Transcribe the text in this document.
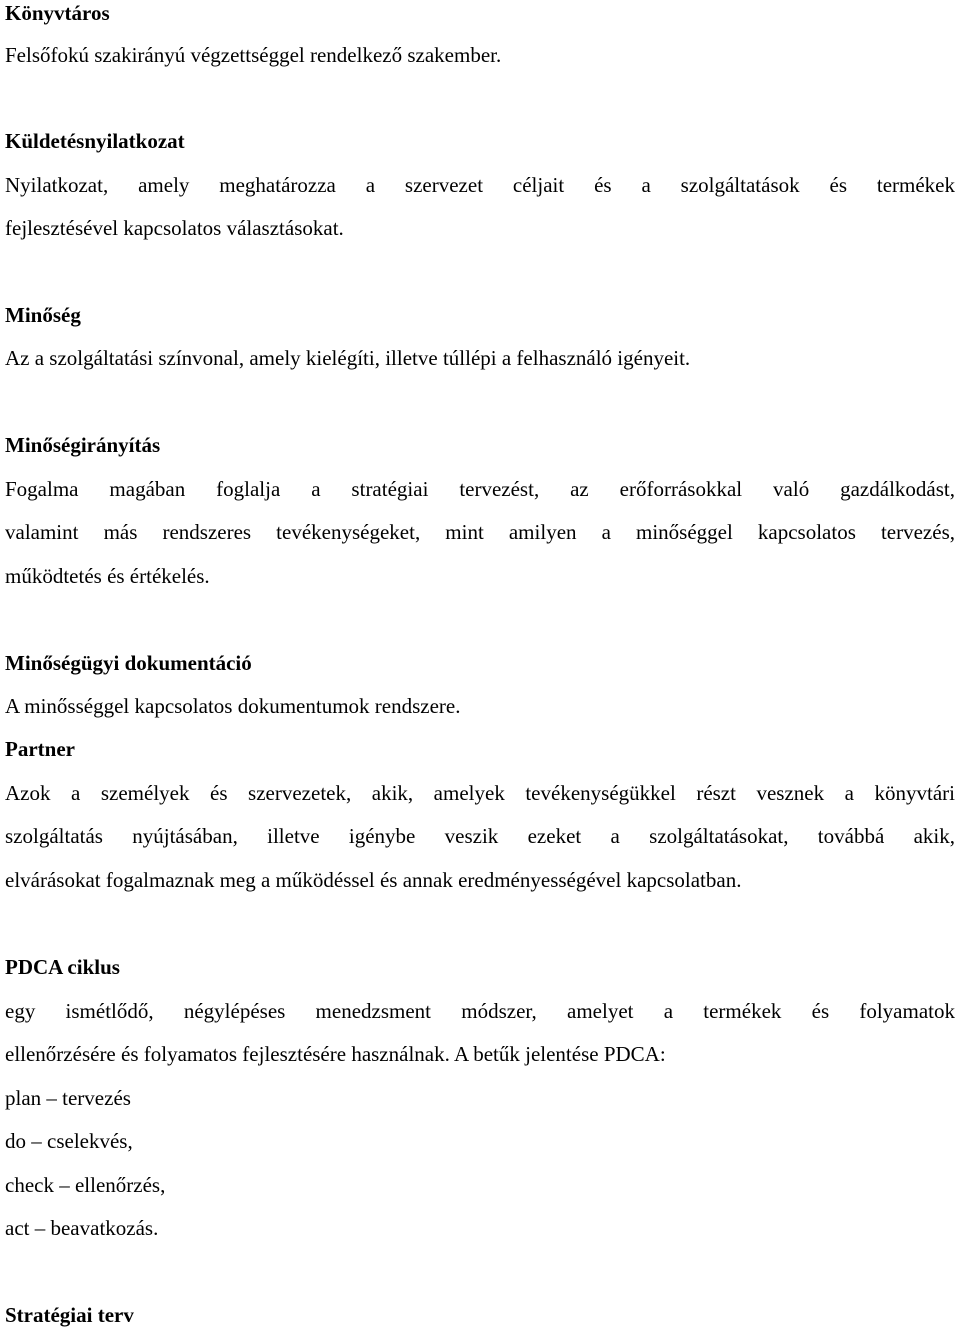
Könyvtáros
Felsőfokú szakirányú végzettséggel rendelkező szakember.
Küldetésnyilatkozat
Nyilatkozat, amely meghatározza a szervezet céljait és a szolgáltatások és termékek
fejlesztésével kapcsolatos választásokat.
Minőség
Az a szolgáltatási színvonal, amely kielégíti, illetve túllépi a felhasználó igényeit.
Minőségirányítás
Fogalma magában foglalja a stratégiai tervezést, az erőforrásokkal való gazdálkodást,
valamint más rendszeres tevékenységeket, mint amilyen a minőséggel kapcsolatos tervezés,
működtetés és értékelés.
Minőségügyi dokumentáció
A minősséggel kapcsolatos dokumentumok rendszere.
Partner
Azok a személyek és szervezetek, akik, amelyek tevékenységükkel részt vesznek a könyvtári
szolgáltatás nyújtásában, illetve igénybe veszik ezeket a szolgáltatásokat, továbbá akik,
elvárásokat fogalmaznak meg a működéssel és annak eredményességével kapcsolatban.
PDCA ciklus
egy ismétlődő, négylépéses menedzsment módszer, amelyet a termékek és folyamatok
ellenőrzésére és folyamatos fejlesztésére használnak. A betűk jelentése PDCA:
plan – tervezés
do – cselekvés,
check – ellenőrzés,
act – beavatkozás.
Stratégiai terv
